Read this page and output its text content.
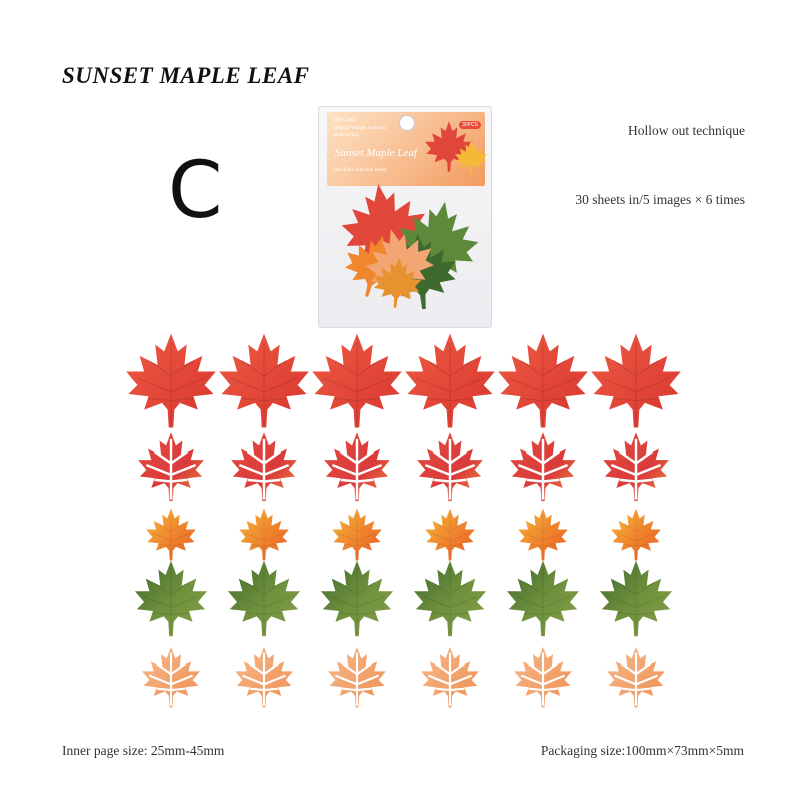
SUNSET MAPLE LEAF
C
Hollow out technique
30 sheets in/5 images × 6 times
Inner page size: 25mm-45mm	Packaging size:100mm×73mm×5mm
MO·CARD
Original Vintage Authentic
Material Bag
Sunset Maple Leaf
Leaf Fall Collection Series
30PCS
